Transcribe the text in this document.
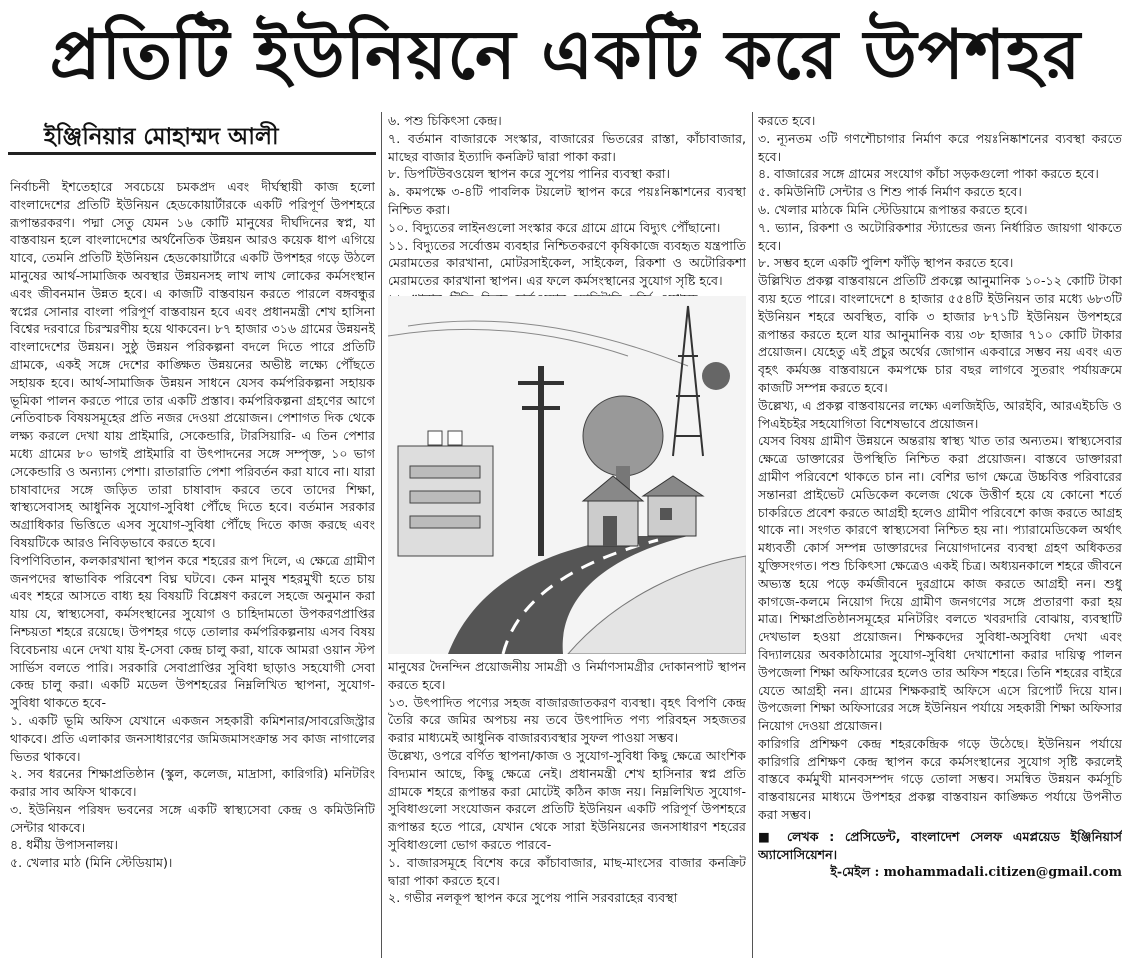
প্রতিটি ইউনিয়নে একটি করে উপশহর
ইঞ্জিনিয়ার মোহাম্মদ আলী

নির্বাচনী ইশতেহারে সবচেয়ে চমকপ্রদ এবং দীর্ঘস্থায়ী কাজ হলো বাংলাদেশের প্রতিটি ইউনিয়ন হেডকোয়ার্টারকে একটি পরিপূর্ণ উপশহরে রূপান্তরকরণ। পদ্মা সেতু যেমন ১৬ কোটি মানুষের দীর্ঘদিনের স্বপ্ন, যা বাস্তবায়ন হলে বাংলাদেশের অর্থনৈতিক উন্নয়ন আরও কয়েক ধাপ এগিয়ে যাবে, তেমনি প্রতিটি ইউনিয়ন হেডকোয়ার্টারে একটি উপশহর গড়ে উঠলে মানুষের আর্থ-সামাজিক অবস্থার উন্নয়নসহ লাখ লাখ লোকের কর্মসংস্থান এবং জীবনমান উন্নত হবে। এ কাজটি বাস্তবায়ন করতে পারলে বঙ্গবন্ধুর স্বপ্নের সোনার বাংলা পরিপূর্ণ বাস্তবায়ন হবে এবং প্রধানমন্ত্রী শেখ হাসিনা বিশ্বের দরবারে চিরস্মরণীয় হয়ে থাকবেন। ৮৭ হাজার ৩১৬ গ্রামের উন্নয়নই বাংলাদেশের উন্নয়ন। সুষ্ঠু উন্নয়ন পরিকল্পনা বদলে দিতে পারে প্রতিটি গ্রামকে, একই সঙ্গে দেশের কাঙ্ক্ষিত উন্নয়নের অভীষ্ট লক্ষ্যে পৌঁছতে সহায়ক হবে। আর্থ-সামাজিক উন্নয়ন সাধনে যেসব কর্মপরিকল্পনা সহায়ক ভূমিকা পালন করতে পারে তার একটি প্রস্তাব। কর্মপরিকল্পনা গ্রহণের আগে নেতিবাচক বিষয়সমূহের প্রতি নজর দেওয়া প্রয়োজন। পেশাগত দিক থেকে লক্ষ্য করলে দেখা যায় প্রাইমারি, সেকেন্ডারি, টারসিয়ারি- এ তিন পেশার মধ্যে গ্রামের ৮০ ভাগই প্রাইমারি বা উৎপাদনের সঙ্গে সম্পৃক্ত, ১০ ভাগ সেকেন্ডারি ও অন্যান্য পেশা। রাতারাতি পেশা পরিবর্তন করা যাবে না। যারা চাষাবাদের সঙ্গে জড়িত তারা চাষাবাদ করবে তবে তাদের শিক্ষা, স্বাস্থ্যসেবাসহ আধুনিক সুযোগ-সুবিধা পৌঁছে দিতে হবে। বর্তমান সরকার অগ্রাধিকার ভিত্তিতে এসব সুযোগ-সুবিধা পৌঁছে দিতে কাজ করছে এবং বিষয়টিকে আরও নিবিড়ভাবে করতে হবে।

বিপণিবিতান, কলকারখানা স্থাপন করে শহরের রূপ দিলে, এ ক্ষেত্রে গ্রামীণ জনপদের স্বাভাবিক পরিবেশ বিঘ্ন ঘটবে। কেন মানুষ শহরমুখী হতে চায় এবং শহরে আসতে বাধ্য হয় বিষয়টি বিশ্লেষণ করলে সহজে অনুমান করা যায় যে, স্বাস্থ্যসেবা, কর্মসংস্থানের সুযোগ ও চাহিদামতো উপকরণপ্রাপ্তির নিশ্চয়তা শহরে রয়েছে। উপশহর গড়ে তোলার কর্মপরিকল্পনায় এসব বিষয় বিবেচনায় এনে দেখা যায় ই-সেবা কেন্দ্র চালু করা, যাকে আমরা ওয়ান স্টপ সার্ভিস বলতে পারি। সরকারি সেবাপ্রাপ্তির সুবিধা ছাড়াও সহযোগী সেবা কেন্দ্র চালু করা। একটি মডেল উপশহরের নিম্নলিখিত স্থাপনা, সুযোগ-সুবিধা থাকতে হবে-

১. একটি ভূমি অফিস যেখানে একজন সহকারী কমিশনার/সাবরেজিস্ট্রার থাকবে। প্রতি এলাকার জনসাধারণের জমিজমাসংক্রান্ত সব কাজ নাগালের ভিতর থাকবে।

২. সব ধরনের শিক্ষাপ্রতিষ্ঠান (স্কুল, কলেজ, মাদ্রাসা, কারিগরি) মনিটরিং করার সাব অফিস থাকবে।

৩. ইউনিয়ন পরিষদ ভবনের সঙ্গে একটি স্বাস্থ্যসেবা কেন্দ্র ও কমিউনিটি সেন্টার থাকবে।

৪. ধর্মীয় উপাসনালয়।

৫. খেলার মাঠ (মিনি স্টেডিয়াম)।

৬. পশু চিকিৎসা কেন্দ্র।

৭. বর্তমান বাজারকে সংস্কার, বাজারের ভিতরের রাস্তা, কাঁচাবাজার, মাছের বাজার ইত্যাদি কনক্রিট দ্বারা পাকা করা।

৮. ডিপটিউবওয়েল স্থাপন করে সুপেয় পানির ব্যবস্থা করা।

৯. কমপক্ষে ৩-৪টি পাবলিক টয়লেট স্থাপন করে পয়ঃনিষ্কাশনের ব্যবস্থা নিশ্চিত করা।

১০. বিদ্যুতের লাইনগুলো সংস্কার করে গ্রামে গ্রামে বিদ্যুৎ পৌঁছানো।

১১. বিদ্যুতের সর্বোত্তম ব্যবহার নিশ্চিতকরণে কৃষিকাজে ব্যবহৃত যন্ত্রপাতি মেরামতের কারখানা, মোটরসাইকেল, সাইকেল, রিকশা ও অটোরিকশা মেরামতের কারখানা স্থাপন। এর ফলে কর্মসংস্থানের সুযোগ সৃষ্টি হবে।

মানুষের দৈনন্দিন প্রয়োজনীয় সামগ্রী ও নির্মাণসামগ্রীর দোকানপাট স্থাপন করতে হবে।

১৩. উৎপাদিত পণ্যের সহজ বাজারজাতকরণ ব্যবস্থা। বৃহৎ বিপণি কেন্দ্র তৈরি করে জমির অপচয় নয় তবে উৎপাদিত পণ্য পরিবহন সহজতর করার মাধ্যমেই আধুনিক বাজারব্যবস্থার সুফল পাওয়া সম্ভব।

উল্লেখ্য, ওপরে বর্ণিত স্থাপনা/কাজ ও সুযোগ-সুবিধা কিছু ক্ষেত্রে আংশিক বিদ্যমান আছে, কিছু ক্ষেত্রে নেই। প্রধানমন্ত্রী শেখ হাসিনার স্বপ্ন প্রতি গ্রামকে শহরে রূপান্তর করা মোটেই কঠিন কাজ নয়। নিম্নলিখিত সুযোগ-সুবিধাগুলো সংযোজন করলে প্রতিটি ইউনিয়ন একটি পরিপূর্ণ উপশহরে রূপান্তর হতে পারে, যেখান থেকে সারা ইউনিয়নের জনসাধারণ শহরের সুবিধাগুলো ভোগ করতে পারবে-

১. বাজারসমূহে বিশেষ করে কাঁচাবাজার, মাছ-মাংসের বাজার কনক্রিট দ্বারা পাকা করতে হবে।

২. গভীর নলকূপ স্থাপন করে সুপেয় পানি সরবরাহের ব্যবস্থা

করতে হবে।

৩. ন্যূনতম ৩টি গণশৌচাগার নির্মাণ করে পয়ঃনিষ্কাশনের ব্যবস্থা করতে হবে।

৪. বাজারের সঙ্গে গ্রামের সংযোগ কাঁচা সড়কগুলো পাকা করতে হবে।

৫. কমিউনিটি সেন্টার ও শিশু পার্ক নির্মাণ করতে হবে।

৬. খেলার মাঠকে মিনি স্টেডিয়ামে রূপান্তর করতে হবে।

৭. ভ্যান, রিকশা ও অটোরিকশার স্ট্যান্ডের জন্য নির্ধারিত জায়গা থাকতে হবে।

৮. সম্ভব হলে একটি পুলিশ ফাঁড়ি স্থাপন করতে হবে।

উল্লিখিত প্রকল্প বাস্তবায়নে প্রতিটি প্রকল্পে আনুমানিক ১০-১২ কোটি টাকা ব্যয় হতে পারে। বাংলাদেশে ৪ হাজার ৫৫৪টি ইউনিয়ন তার মধ্যে ৬৮৩টি ইউনিয়ন শহরে অবস্থিত, বাকি ৩ হাজার ৮৭১টি ইউনিয়ন উপশহরে রূপান্তর করতে হলে যার আনুমানিক ব্যয় ৩৮ হাজার ৭১০ কোটি টাকার প্রয়োজন। যেহেতু এই প্রচুর অর্থের জোগান একবারে সম্ভব নয় এবং এত বৃহৎ কর্মযজ্ঞ বাস্তবায়নে কমপক্ষে চার বছর লাগবে সুতরাং পর্যায়ক্রমে কাজটি সম্পন্ন করতে হবে।

উল্লেখ্য, এ প্রকল্প বাস্তবায়নের লক্ষ্যে এলজিইডি, আরইবি, আরএইচডি ও পিএইচইর সহযোগিতা বিশেষভাবে প্রয়োজন।

যেসব বিষয় গ্রামীণ উন্নয়নে অন্তরায় স্বাস্থ্য খাত তার অন্যতম। স্বাস্থ্যসেবার ক্ষেত্রে ডাক্তারের উপস্থিতি নিশ্চিত করা প্রয়োজন। বাস্তবে ডাক্তাররা গ্রামীণ পরিবেশে থাকতে চান না। বেশির ভাগ ক্ষেত্রে উচ্চবিত্ত পরিবারের সন্তানরা প্রাইভেট মেডিকেল কলেজ থেকে উত্তীর্ণ হয়ে যে কোনো শর্তে চাকরিতে প্রবেশ করতে আগ্রহী হলেও গ্রামীণ পরিবেশে কাজ করতে আগ্রহ থাকে না। সংগত কারণে স্বাস্থ্যসেবা নিশ্চিত হয় না। প্যারামেডিকেল অর্থাৎ মধ্যবর্তী কোর্স সম্পন্ন ডাক্তারদের নিয়োগদানের ব্যবস্থা গ্রহণ অধিকতর যুক্তিসংগত। পশু চিকিৎসা ক্ষেত্রেও একই চিত্র। অধ্যয়নকালে শহরে জীবনে অভ্যস্ত হয়ে পড়ে কর্মজীবনে দুরগ্রামে কাজ করতে আগ্রহী নন। শুধু কাগজে-কলমে নিয়োগ দিয়ে গ্রামীণ জনগণের সঙ্গে প্রতারণা করা হয় মাত্র। শিক্ষাপ্রতিষ্ঠানসমূহের মনিটরিং বলতে খবরদারি বোঝায়, ব্যবস্থাটি দেখভাল হওয়া প্রয়োজন। শিক্ষকদের সুবিধা-অসুবিধা দেখা এবং বিদ্যালয়ের অবকাঠামোর সুযোগ-সুবিধা দেখাশোনা করার দায়িত্ব পালন উপজেলা শিক্ষা অফিসারের হলেও তার অফিস শহরে। তিনি শহরের বাইরে যেতে আগ্রহী নন। গ্রামের শিক্ষকরাই অফিসে এসে রিপোর্ট দিয়ে যান। উপজেলা শিক্ষা অফিসারের সঙ্গে ইউনিয়ন পর্যায়ে সহকারী শিক্ষা অফিসার নিয়োগ দেওয়া প্রয়োজন।

কারিগরি প্রশিক্ষণ কেন্দ্র শহরকেন্দ্রিক গড়ে উঠেছে। ইউনিয়ন পর্যায়ে কারিগরি প্রশিক্ষণ কেন্দ্র স্থাপন করে কর্মসংস্থানের সুযোগ সৃষ্টি করলেই বাস্তবে কর্মমুখী মানবসম্পদ গড়ে তোলা সম্ভব। সমন্বিত উন্নয়ন কর্মসূচি বাস্তবায়নের মাধ্যমে উপশহর প্রকল্প বাস্তবায়ন কাঙ্ক্ষিত পর্যায়ে উপনীত করা সম্ভব।

■ লেখক : প্রেসিডেন্ট, বাংলাদেশ সেলফ এমপ্লয়েড ইঞ্জিনিয়ার্স অ্যাসোসিয়েশন।

ই-মেইল : mohammadali.citizen@gmail.com
